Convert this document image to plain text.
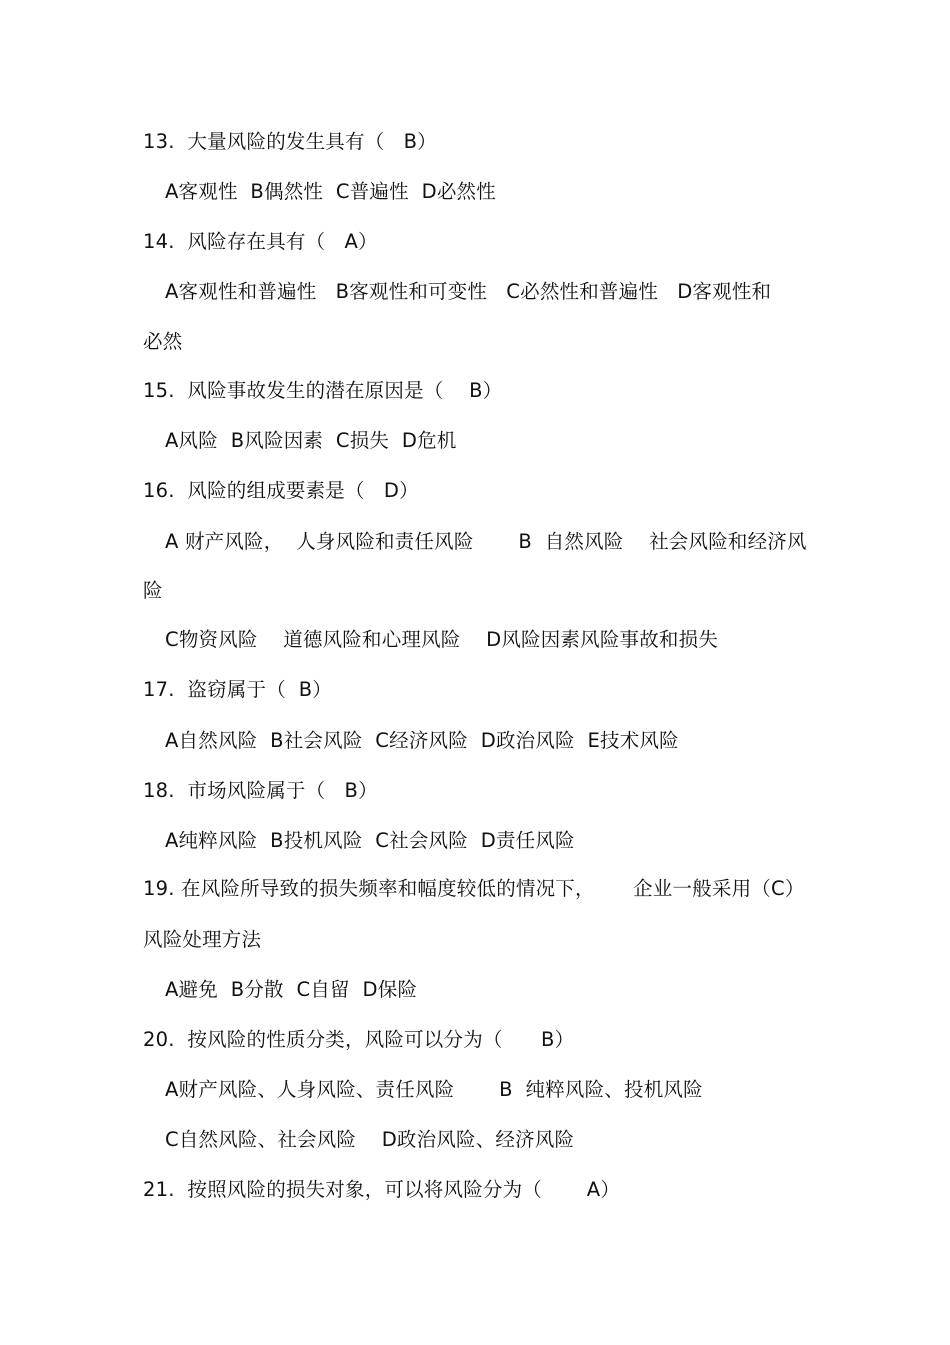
13.  大量风险的发生具有（   B）
A客观性  B偶然性  C普遍性  D必然性
14.  风险存在具有（   A）
A客观性和普遍性   B客观性和可变性   C必然性和普遍性   D客观性和
必然
15.  风险事故发生的潜在原因是（    B）
A风险  B风险因素  C损失  D危机
16.  风险的组成要素是（   D）
A 财产风险，  人身风险和责任风险       B  自然风险    社会风险和经济风
险
C物资风险    道德风险和心理风险    D风险因素风险事故和损失
17.  盗窃属于（  B）
A自然风险  B社会风险  C经济风险  D政治风险  E技术风险
18.  市场风险属于（   B）
A纯粹风险  B投机风险  C社会风险  D责任风险
19. 在风险所导致的损失频率和幅度较低的情况下，      企业一般采用（C）
风险处理方法
A避免  B分散  C自留  D保险
20.  按风险的性质分类，风险可以分为（      B）
A财产风险、人身风险、责任风险       B  纯粹风险、投机风险
C自然风险、社会风险    D政治风险、经济风险
21.  按照风险的损失对象，可以将风险分为（       A）
